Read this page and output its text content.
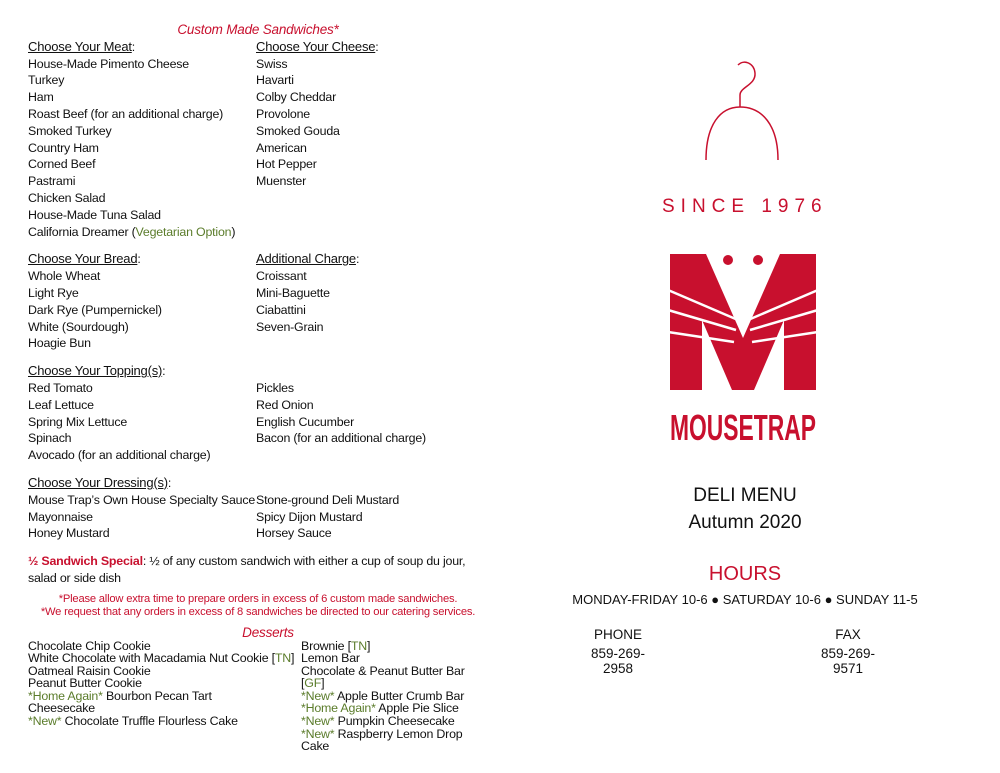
Custom Made Sandwiches*
Choose Your Meat:	Choose Your Cheese:
House-Made Pimento Cheese
Turkey
Ham
Roast Beef (for an additional charge)
Smoked Turkey
Country Ham
Corned Beef
Pastrami
Chicken Salad
House-Made Tuna Salad
Swiss
Havarti
Colby Cheddar
Provolone
Smoked Gouda
American
Hot Pepper
Muenster
California Dreamer (Vegetarian Option)
Choose Your Bread:	Additional Charge:
Whole Wheat
Light Rye
Dark Rye (Pumpernickel)
White (Sourdough)
Hoagie Bun
Croissant
Mini-Baguette
Ciabattini
Seven-Grain
Choose Your Topping(s):
Red Tomato
Leaf Lettuce
Spring Mix Lettuce
Spinach
Avocado (for an additional charge)
Pickles
Red Onion
English Cucumber
Bacon (for an additional charge)
Choose Your Dressing(s):
Mouse Trap’s Own House Specialty Sauce
Mayonnaise
Honey Mustard
Stone-ground Deli Mustard
Spicy Dijon Mustard
Horsey Sauce
½ Sandwich Special: ½ of any custom sandwich with either a cup of soup du jour, salad or side dish
*Please allow extra time to prepare orders in excess of 6 custom made sandwiches.
*We request that any orders in excess of 8 sandwiches be directed to our catering services.
Desserts
Chocolate Chip Cookie
White Chocolate with Macadamia Nut Cookie [TN]
Oatmeal Raisin Cookie
Peanut Butter Cookie
*Home Again* Bourbon Pecan Tart
Cheesecake
*New* Chocolate Truffle Flourless Cake
Brownie [TN]
Lemon Bar
Chocolate & Peanut Butter Bar [GF]
*New* Apple Butter Crumb Bar
*Home Again* Apple Pie Slice
*New* Pumpkin Cheesecake
*New* Raspberry Lemon Drop Cake
SINCE 1976
MOUSETRAP
DELI MENU
Autumn 2020
HOURS
MONDAY-FRIDAY 10-6 ● SATURDAY 10-6 ● SUNDAY 11-5
PHONE
859-269-2958
FAX
859-269-9571
